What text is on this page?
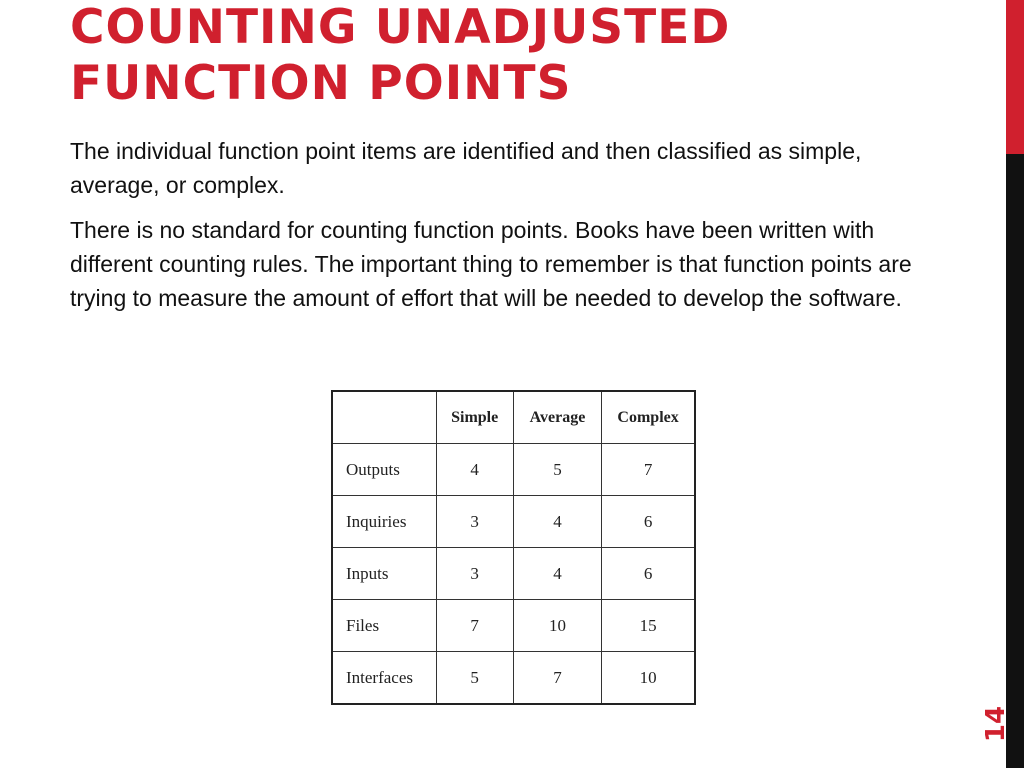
COUNTING UNADJUSTED
FUNCTION POINTS

The individual function point items are identified and then classified as simple, average, or complex.

There is no standard for counting function points. Books have been written with different counting rules. The important thing to remember is that function points are trying to measure the amount of effort that will be needed to develop the software.

	Simple	Average	Complex
Outputs	4	5	7
Inquiries	3	4	6
Inputs	3	4	6
Files	7	10	15
Interfaces	5	7	10
14
